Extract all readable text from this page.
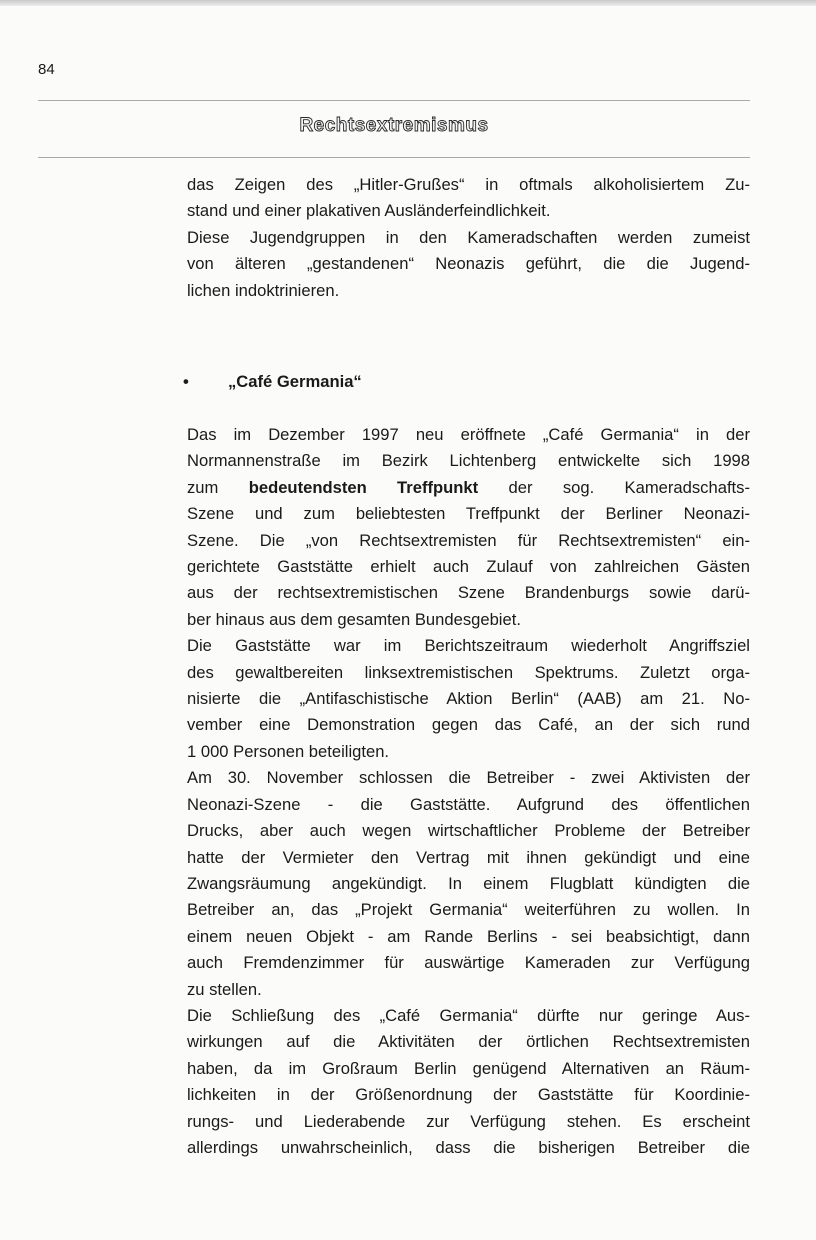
84
Rechtsextremismus
das Zeigen des „Hitler-Grußes“ in oftmals alkoholisiertem Zu-
stand und einer plakativen Ausländerfeindlichkeit.
Diese Jugendgruppen in den Kameradschaften werden zumeist
von älteren „gestandenen“ Neonazis geführt, die die Jugend-
lichen indoktrinieren.
• „Café Germania“
Das im Dezember 1997 neu eröffnete „Café Germania“ in der
Normannenstraße im Bezirk Lichtenberg entwickelte sich 1998
zum bedeutendsten Treffpunkt der sog. Kameradschafts-
Szene und zum beliebtesten Treffpunkt der Berliner Neonazi-
Szene. Die „von Rechtsextremisten für Rechtsextremisten“ ein-
gerichtete Gaststätte erhielt auch Zulauf von zahlreichen Gästen
aus der rechtsextremistischen Szene Brandenburgs sowie darü-
ber hinaus aus dem gesamten Bundesgebiet.
Die Gaststätte war im Berichtszeitraum wiederholt Angriffsziel
des gewaltbereiten linksextremistischen Spektrums. Zuletzt orga-
nisierte die „Antifaschistische Aktion Berlin“ (AAB) am 21. No-
vember eine Demonstration gegen das Café, an der sich rund
1 000 Personen beteiligten.
Am 30. November schlossen die Betreiber - zwei Aktivisten der
Neonazi-Szene - die Gaststätte. Aufgrund des öffentlichen
Drucks, aber auch wegen wirtschaftlicher Probleme der Betreiber
hatte der Vermieter den Vertrag mit ihnen gekündigt und eine
Zwangsräumung angekündigt. In einem Flugblatt kündigten die
Betreiber an, das „Projekt Germania“ weiterführen zu wollen. In
einem neuen Objekt - am Rande Berlins - sei beabsichtigt, dann
auch Fremdenzimmer für auswärtige Kameraden zur Verfügung
zu stellen.
Die Schließung des „Café Germania“ dürfte nur geringe Aus-
wirkungen auf die Aktivitäten der örtlichen Rechtsextremisten
haben, da im Großraum Berlin genügend Alternativen an Räum-
lichkeiten in der Größenordnung der Gaststätte für Koordinie-
rungs- und Liederabende zur Verfügung stehen. Es erscheint
allerdings unwahrscheinlich, dass die bisherigen Betreiber die
